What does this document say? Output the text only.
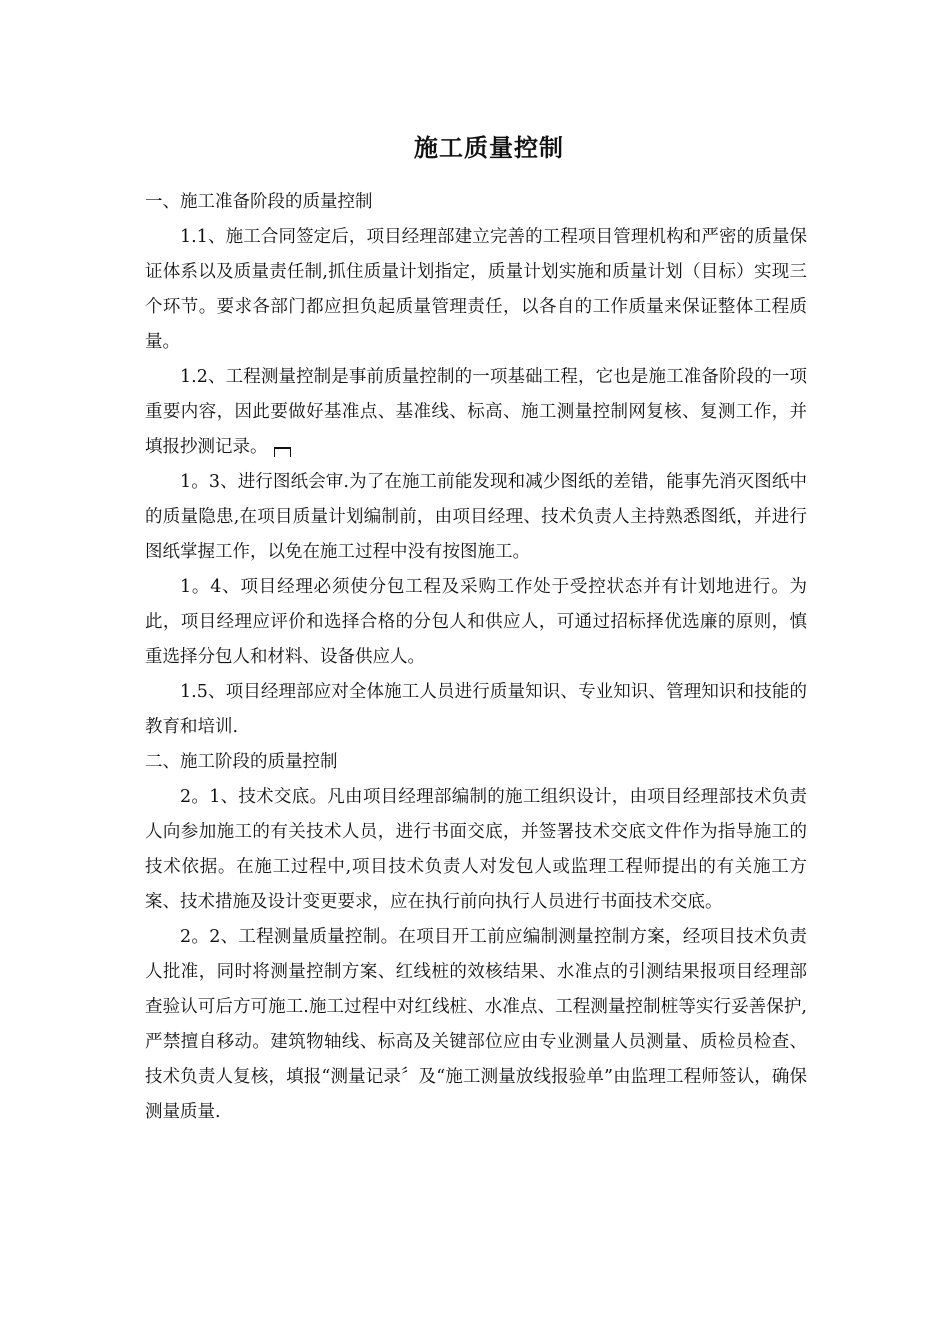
施工质量控制

一、施工准备阶段的质量控制

1.1、施工合同签定后，项目经理部建立完善的工程项目管理机构和严密的质量保证体系以及质量责任制,抓住质量计划指定，质量计划实施和质量计划（目标）实现三个环节。要求各部门都应担负起质量管理责任，以各自的工作质量来保证整体工程质量。

1.2、工程测量控制是事前质量控制的一项基础工程，它也是施工准备阶段的一项重要内容，因此要做好基准点、基准线、标高、施工测量控制网复核、复测工作，并填报抄测记录。

1。3、进行图纸会审.为了在施工前能发现和减少图纸的差错，能事先消灭图纸中的质量隐患,在项目质量计划编制前，由项目经理、技术负责人主持熟悉图纸，并进行图纸掌握工作，以免在施工过程中没有按图施工。

1。4、项目经理必须使分包工程及采购工作处于受控状态并有计划地进行。为此，项目经理应评价和选择合格的分包人和供应人，可通过招标择优选廉的原则，慎重选择分包人和材料、设备供应人。

1.5、项目经理部应对全体施工人员进行质量知识、专业知识、管理知识和技能的教育和培训.

二、施工阶段的质量控制

2。1、技术交底。凡由项目经理部编制的施工组织设计，由项目经理部技术负责人向参加施工的有关技术人员，进行书面交底，并签署技术交底文件作为指导施工的技术依据。在施工过程中,项目技术负责人对发包人或监理工程师提出的有关施工方案、技术措施及设计变更要求，应在执行前向执行人员进行书面技术交底。

2。2、工程测量质量控制。在项目开工前应编制测量控制方案，经项目技术负责人批准，同时将测量控制方案、红线桩的效核结果、水准点的引测结果报项目经理部查验认可后方可施工.施工过程中对红线桩、水准点、工程测量控制桩等实行妥善保护,严禁擅自移动。建筑物轴线、标高及关键部位应由专业测量人员测量、质检员检查、技术负责人复核，填报“测量记录〞及“施工测量放线报验单”由监理工程师签认，确保测量质量.
